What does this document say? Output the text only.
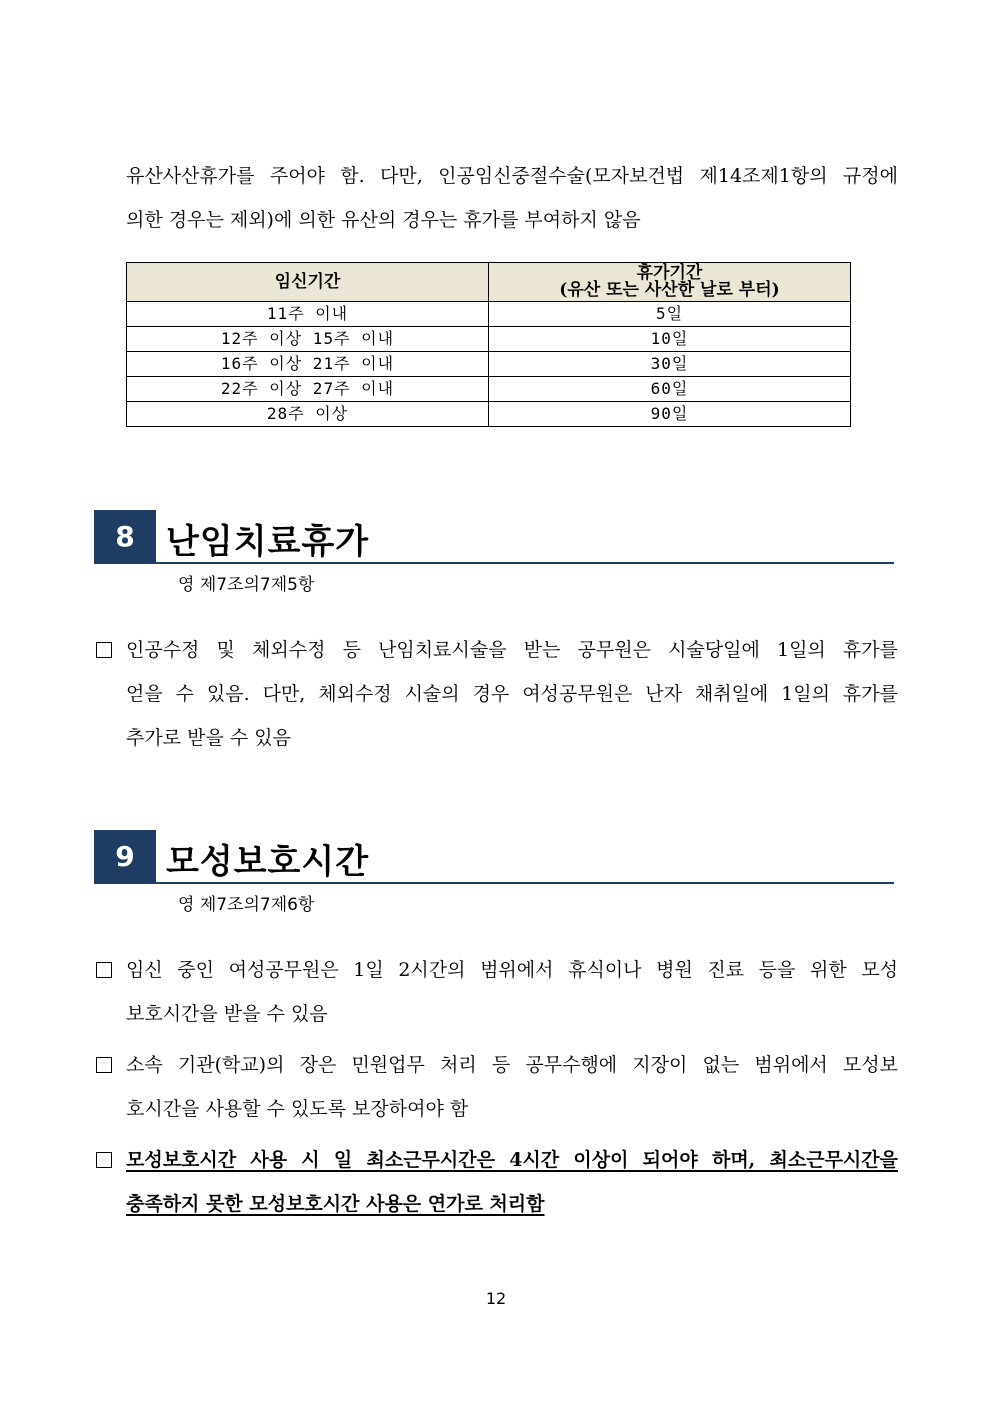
유산사산휴가를 주어야 함. 다만, 인공임신중절수술(모자보건법 제14조제1항의 규정에
의한 경우는 제외)에 의한 유산의 경우는 휴가를 부여하지 않음
임신기간	휴가기간
(유산 또는 사산한 날로 부터)
11주 이내	5일
12주 이상 15주 이내	10일
16주 이상 21주 이내	30일
22주 이상 27주 이내	60일
28주 이상	90일
8 난임치료휴가
영 제7조의7제5항
인공수정 및 체외수정 등 난임치료시술을 받는 공무원은 시술당일에 1일의 휴가를
얻을 수 있음. 다만, 체외수정 시술의 경우 여성공무원은 난자 채취일에 1일의 휴가를
추가로 받을 수 있음
9 모성보호시간
영 제7조의7제6항
임신 중인 여성공무원은 1일 2시간의 범위에서 휴식이나 병원 진료 등을 위한 모성
보호시간을 받을 수 있음
소속 기관(학교)의 장은 민원업무 처리 등 공무수행에 지장이 없는 범위에서 모성보
호시간을 사용할 수 있도록 보장하여야 함
모성보호시간 사용 시 일 최소근무시간은 4시간 이상이 되어야 하며, 최소근무시간을
충족하지 못한 모성보호시간 사용은 연가로 처리함
12
